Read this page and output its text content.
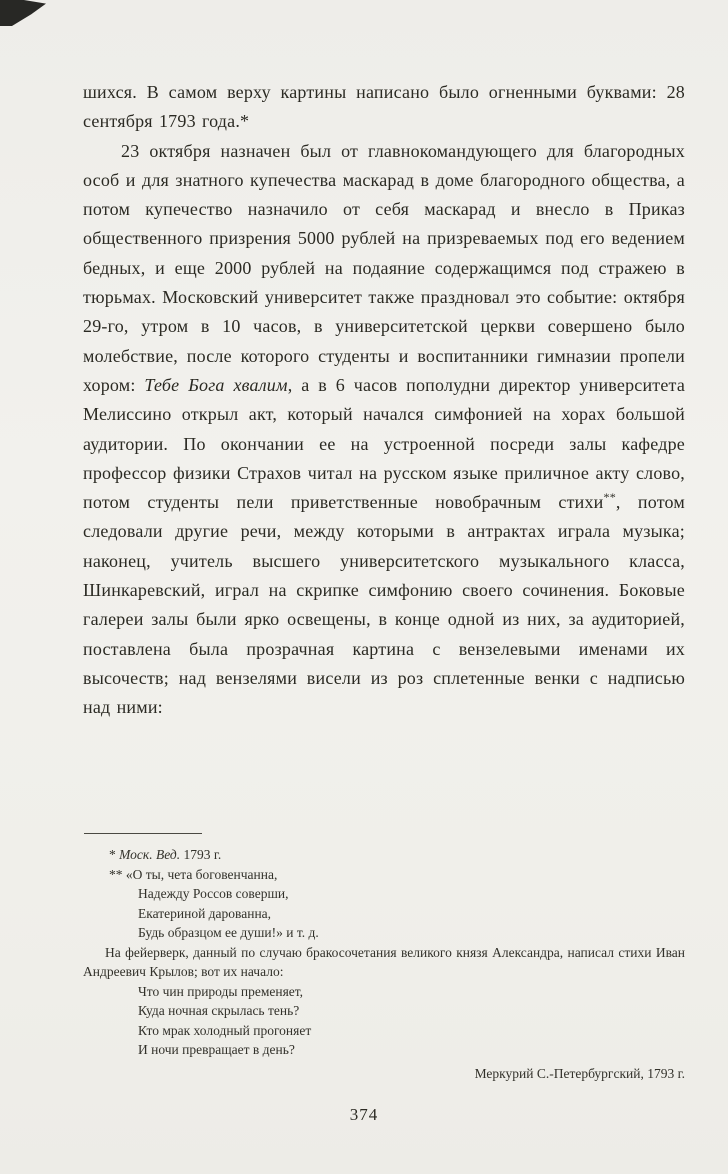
шихся. В самом верху картины написано было огненными буквами: 28 сентября 1793 года.*

23 октября назначен был от главнокомандующего для благородных особ и для знатного купечества маскарад в доме благородного общества, а потом купечество назначило от себя маскарад и внесло в Приказ общественного призрения 5000 рублей на призреваемых под его ведением бедных, и еще 2000 рублей на подаяние содержащимся под стражею в тюрьмах. Московский университет также праздновал это событие: октября 29-го, утром в 10 часов, в университетской церкви совершено было молебствие, после которого студенты и воспитанники гимназии пропели хором: Тебе Бога хвалим, а в 6 часов пополудни директор университета Мелиссино открыл акт, который начался симфонией на хорах большой аудитории. По окончании ее на устроенной посреди залы кафедре профессор физики Страхов читал на русском языке приличное акту слово, потом студенты пели приветственные новобрачным стихи**, потом следовали другие речи, между которыми в антрактах играла музыка; наконец, учитель высшего университетского музыкального класса, Шинкаревский, играл на скрипке симфонию своего сочинения. Боковые галереи залы были ярко освещены, в конце одной из них, за аудиторией, поставлена была прозрачная картина с вензелевыми именами их высочеств; над вензелями висели из роз сплетенные венки с надписью над ними:

* Моск. Вед. 1793 г.

** «О ты, чета боговенчанна,

Надежду Россов соверши,

Екатериной дарованна,

Будь образцом ее души!» и т. д.

На фейерверк, данный по случаю бракосочетания великого князя Александра, написал стихи Иван Андреевич Крылов; вот их начало:

Что чин природы пременяет,

Куда ночная скрылась тень?

Кто мрак холодный прогоняет

И ночи превращает в день?

Меркурий С.-Петербургский, 1793 г.

374
